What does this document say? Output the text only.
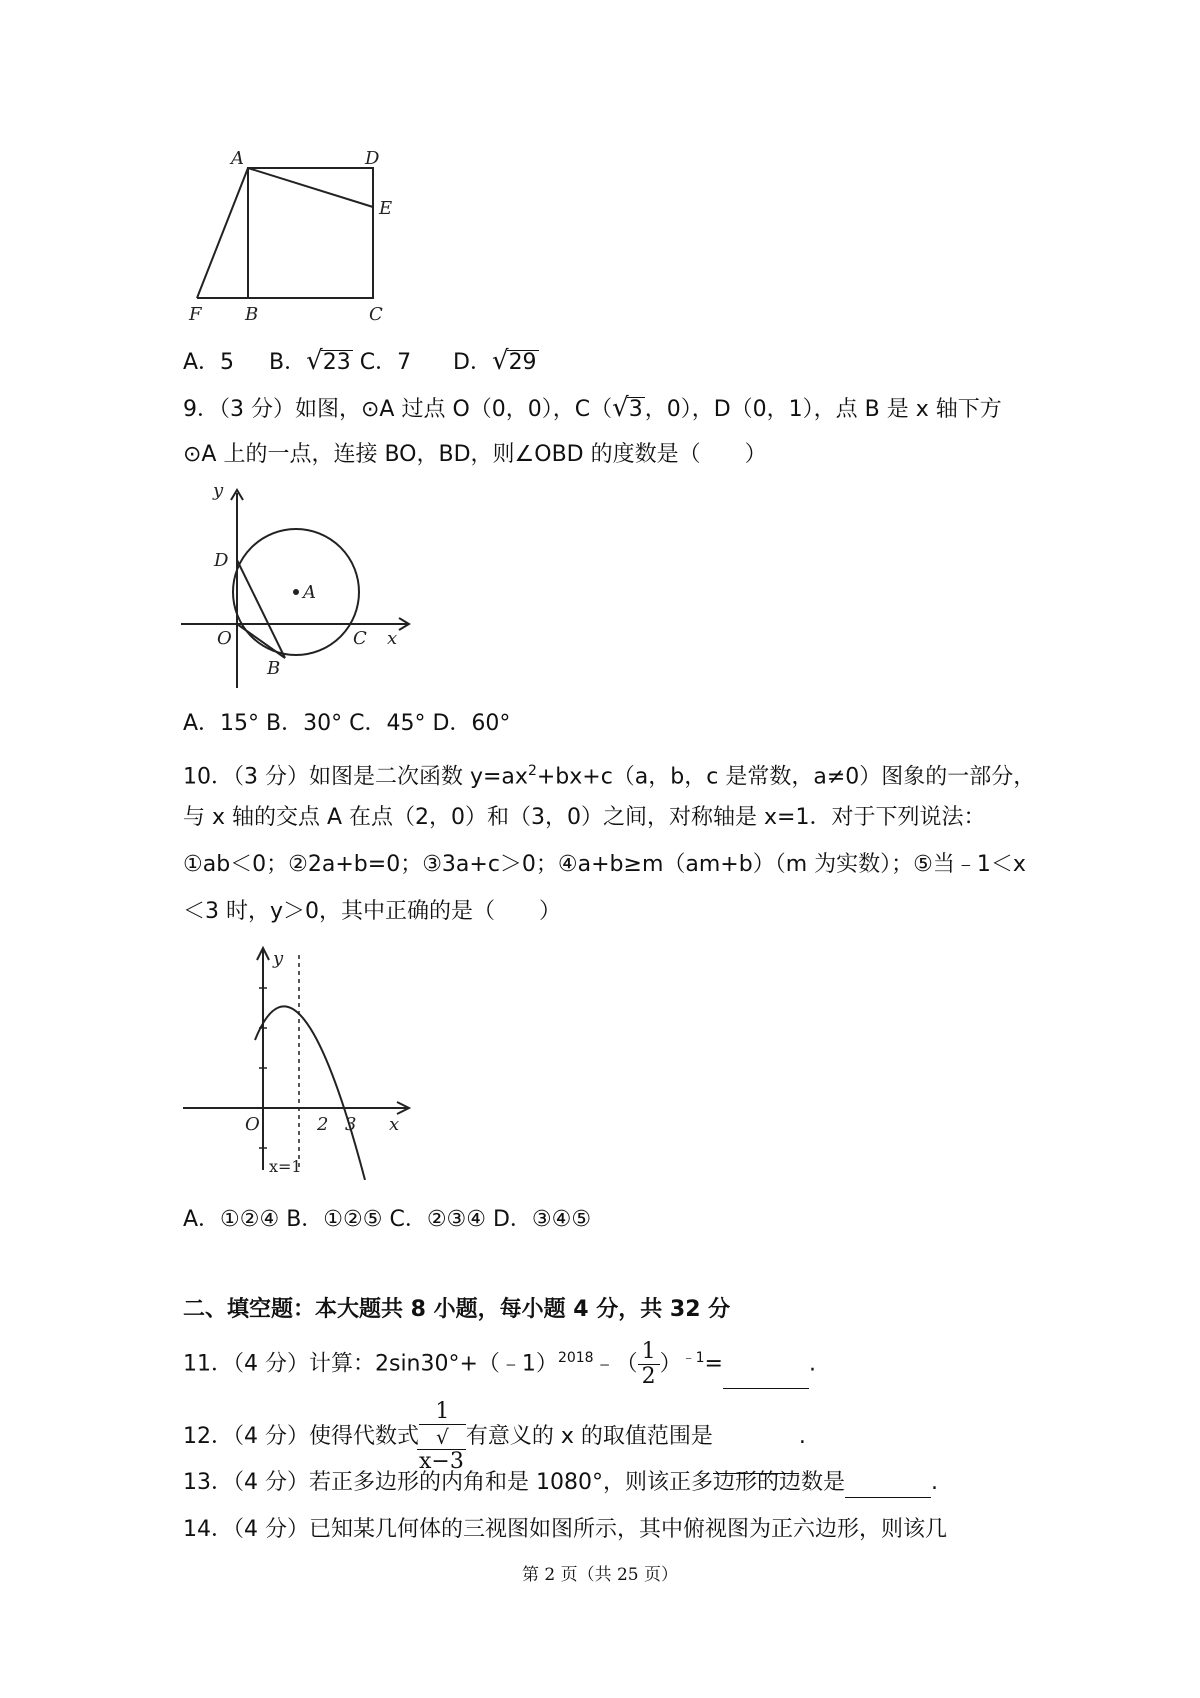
A	D
E
F B	C
A．5 B．√23 C．7 D．√29
9．（3 分）如图，⊙A 过点 O（0，0），C（√3，0），D（0，1），点 B 是 x 轴下方
⊙A 上的一点，连接 BO，BD，则∠OBD 的度数是（　　）
y
D
A
O	C x
B
A．15° B．30° C．45° D．60°
10．（3 分）如图是二次函数 $y=ax^2+bx+c(a$，b，c 是常数，a≠0）图象的一部分，
与 x 轴的交点 A 在点（2，0）和（3，0）之间，对称轴是 x=1．对于下列说法：
①ab＜0；②2a+b=0；③3a+c＞0；④a+b≥m（am+b）（m 为实数）；⑤当﹣1＜x
＜3 时，y＞0，其中正确的是（　　）
y
O	2 3 x
x=1
A．①②④ B．①②⑤ C．②③④ D．③④⑤
二、填空题：本大题共 8 小题，每小题 4 分，共 32 分
11．（4 分）计算：2sin30°+（﹣1）$^{2018}$﹣（ $\frac{1}{2} )^{﹣1}=$	.
12．（4 分）使得代数式 1
√
x−3 有意义的 x 的取值范围是	.
13．（4 分）若正多边形的内角和是 1080°，则该正多边形的边数是	.
14．（4 分）已知某几何体的三视图如图所示，其中俯视图为正六边形，则该几
第 2 页（共 25 页）
